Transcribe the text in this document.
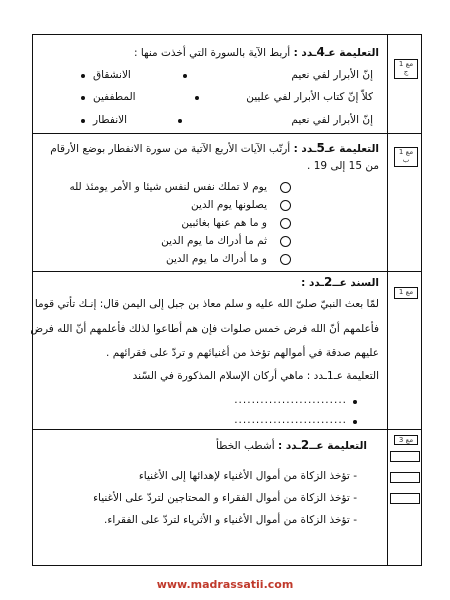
مع 1
ج
مع 1
ب
مع 1
مع 3
التعليمة عـ4ـدد : أربط الآية بالسورة التي أخذت منها :
إنّ الأبرار لفي نعيم
كلاّ إنّ كتاب الأبرار لفي عليين
إنّ الأبرار لفي نعيم
الانشقاق
المطففين
الانفطار
التعليمة عـ5ـدد : أرتّب الآيات الأربع الآتية من سورة الانفطار بوضع الأرقام
من 15 إلى 19 .
يوم لا تملك نفس لنفس شيئا و الأمر يومئذ لله
يصلونها يوم الدين
و ما هم عنها بغائبين
ثم ما أدراك ما يوم الدين
و ما أدراك ما يوم الدين
السند عــ2ـدد :
لمّا بعث النبيّ صلىّ الله عليه و سلم معاذ بن جبل إلى اليمن قال: إنـك تأتي قوما
فأعلمهم أنّ الله فرض خمس صلوات فإن هم أطاعوا لذلك فأعلمهم أنّ الله فرض
عليهم صدقة في أموالهم تؤخذ من أغنيائهم و تردّ على فقرائهم .
التعليمة عـ1ـدد : ماهي أركان الإسلام المذكورة في السّند
..........................
..........................
التعليمة عــ2ـدد : أشطب الخطأ
- تؤخذ الزكاة من أموال الأغنياء لإهدائها إلى الأغنياء
- تؤخذ الزكاة من أموال الفقراء و المحتاجين لتردّ على الأغنياء
- تؤخذ الزكاة من أموال الأغنياء و الأثرياء لتردّ على الفقراء.
www.madrassatii.com
